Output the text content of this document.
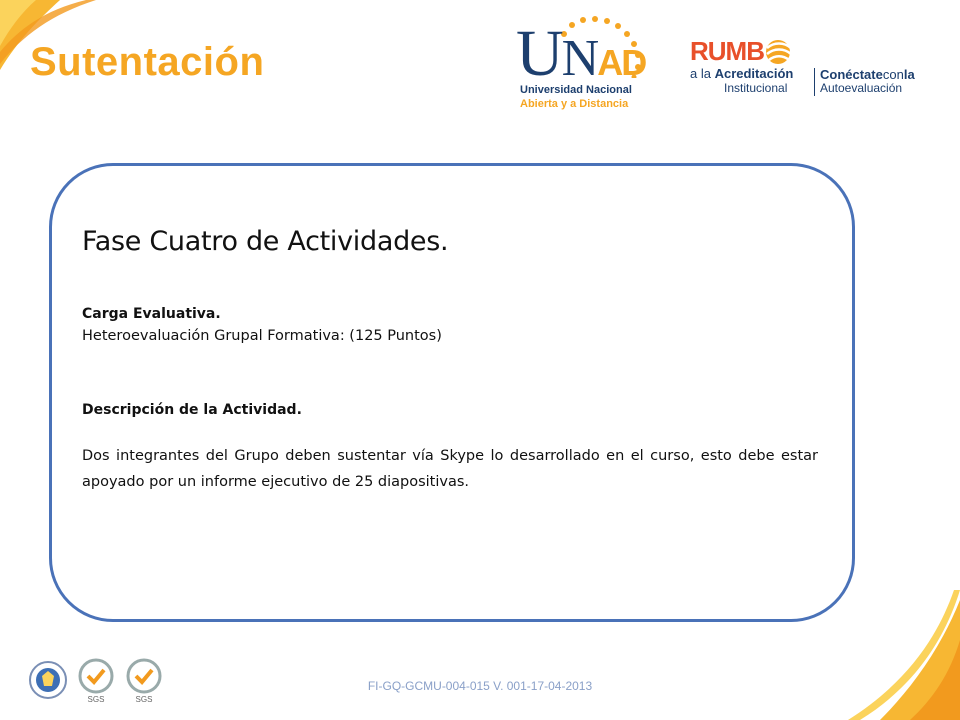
Sutentación	UNAD
Universidad Nacional
Abierta y a Distancia
RUMB
a la Acreditación
Institucional
Conéctateconla
Autoevaluación
Fase Cuatro de Actividades.

Carga Evaluativa.

Heteroevaluación Grupal Formativa: (125 Puntos)

Descripción de la Actividad.

Dos integrantes del Grupo deben sustentar vía Skype lo desarrollado en el curso, esto debe estar apoyado por un informe ejecutivo de 25 diapositivas.

SGS	SGS
FI-GQ-GCMU-004-015 V. 001-17-04-2013
